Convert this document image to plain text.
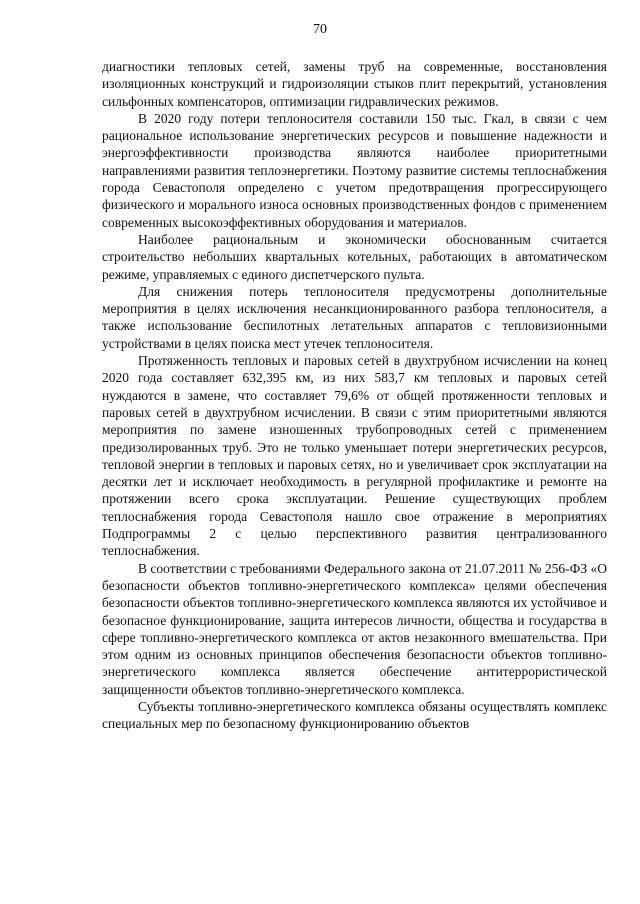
70

диагностики тепловых сетей, замены труб на современные, восстановления изоляционных конструкций и гидроизоляции стыков плит перекрытий, установления сильфонных компенсаторов, оптимизации гидравлических режимов.

В 2020 году потери теплоносителя составили 150 тыс. Гкал, в связи с чем рациональное использование энергетических ресурсов и повышение надежности и энергоэффективности производства являются наиболее приоритетными направлениями развития теплоэнергетики. Поэтому развитие системы теплоснабжения города Севастополя определено с учетом предотвращения прогрессирующего физического и морального износа основных производственных фондов с применением современных высокоэффективных оборудования и материалов.

Наиболее рациональным и экономически обоснованным считается строительство небольших квартальных котельных, работающих в автоматическом режиме, управляемых с единого диспетчерского пульта.

Для снижения потерь теплоносителя предусмотрены дополнительные мероприятия в целях исключения несанкционированного разбора теплоносителя, а также использование беспилотных летательных аппаратов с тепловизионными устройствами в целях поиска мест утечек теплоносителя.

Протяженность тепловых и паровых сетей в двухтрубном исчислении на конец 2020 года составляет 632,395 км, из них 583,7 км тепловых и паровых сетей нуждаются в замене, что составляет 79,6% от общей протяженности тепловых и паровых сетей в двухтрубном исчислении. В связи с этим приоритетными являются мероприятия по замене изношенных трубопроводных сетей с применением предизолированных труб. Это не только уменьшает потери энергетических ресурсов, тепловой энергии в тепловых и паровых сетях, но и увеличивает срок эксплуатации на десятки лет и исключает необходимость в регулярной профилактике и ремонте на протяжении всего срока эксплуатации. Решение существующих проблем теплоснабжения города Севастополя нашло свое отражение в мероприятиях Подпрограммы 2 с целью перспективного развития централизованного теплоснабжения.

В соответствии с требованиями Федерального закона от 21.07.2011 № 256-ФЗ «О безопасности объектов топливно-энергетического комплекса» целями обеспечения безопасности объектов топливно-энергетического комплекса являются их устойчивое и безопасное функционирование, защита интересов личности, общества и государства в сфере топливно-энергетического комплекса от актов незаконного вмешательства. При этом одним из основных принципов обеспечения безопасности объектов топливно-энергетического комплекса является обеспечение антитеррористической защищенности объектов топливно-энергетического комплекса.

Субъекты топливно-энергетического комплекса обязаны осуществлять комплекс специальных мер по безопасному функционированию объектов
